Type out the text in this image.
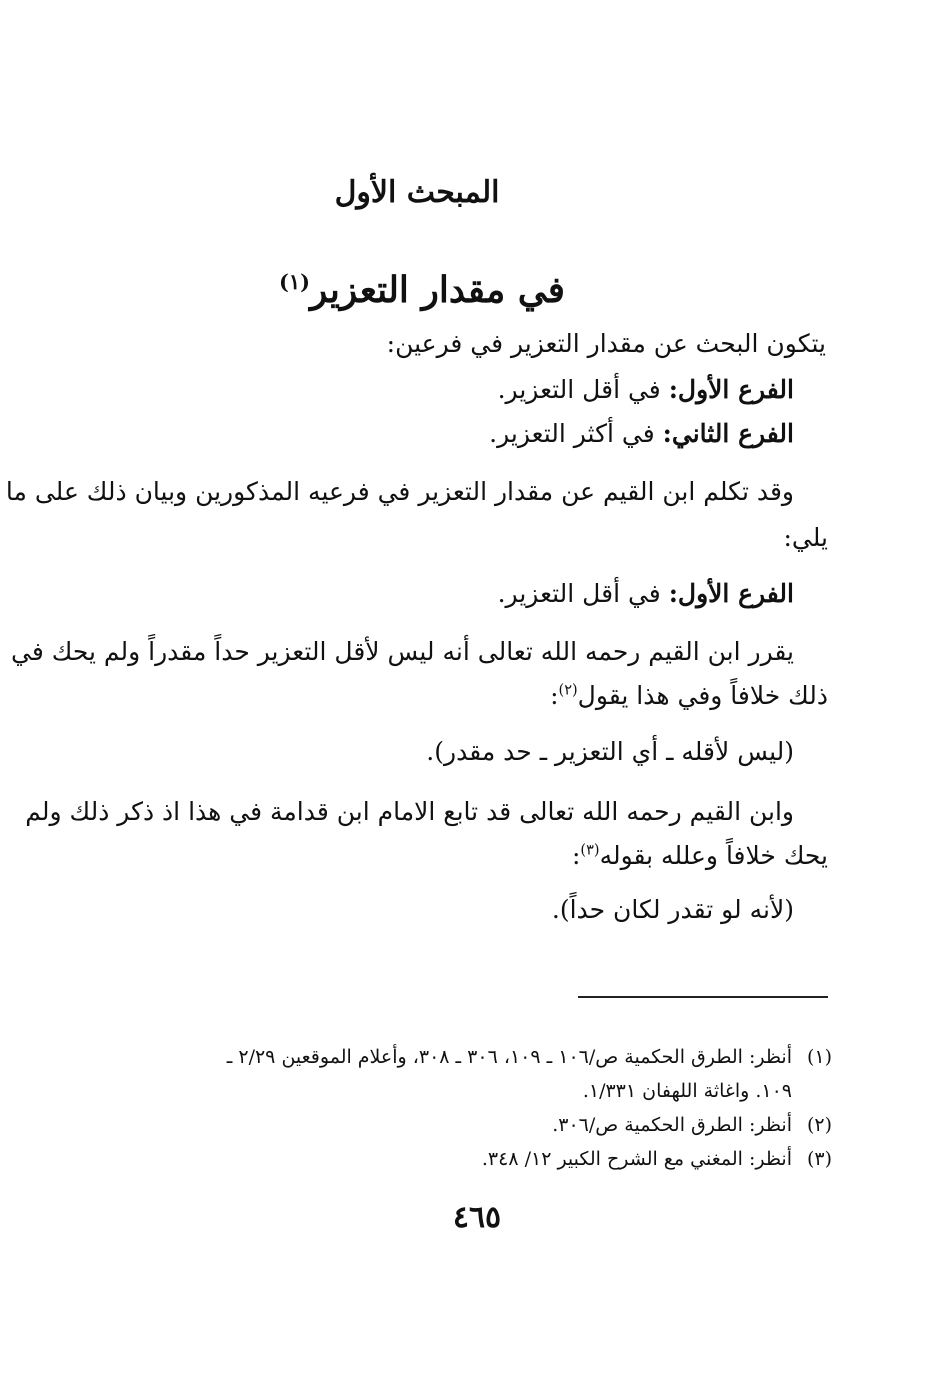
المبحث الأول
في مقدار التعزير$^{(١)}$
يتكون البحث عن مقدار التعزير في فرعين:
الفرع الأول: في أقل التعزير.
الفرع الثاني: في أكثر التعزير.
وقد تكلم ابن القيم عن مقدار التعزير في فرعيه المذكورين وبيان ذلك على ما
يلي:
الفرع الأول: في أقل التعزير.
يقرر ابن القيم رحمه الله تعالى أنه ليس لأقل التعزير حداً مقدراً ولم يحك في
ذلك خلافاً وفي هذا يقول$^{(٢)}$:
(ليس لأقله ـ أي التعزير ـ حد مقدر).
وابن القيم رحمه الله تعالى قد تابع الامام ابن قدامة في هذا اذ ذكر ذلك ولم
يحك خلافاً وعلله بقوله$^{(٣)}$:
(لأنه لو تقدر لكان حداً).
(١)أنظر: الطرق الحكمية ص/١٠٦ ـ ١٠٩، ٣٠٦ ـ ٣٠٨، وأعلام الموقعين ٢/٢٩ ـ
١٠٩. واغاثة اللهفان ١/٣٣١.
(٢)أنظر: الطرق الحكمية ص/٣٠٦.
(٣)أنظر: المغني مع الشرح الكبير ١٢/ ٣٤٨.
٤٦٥
